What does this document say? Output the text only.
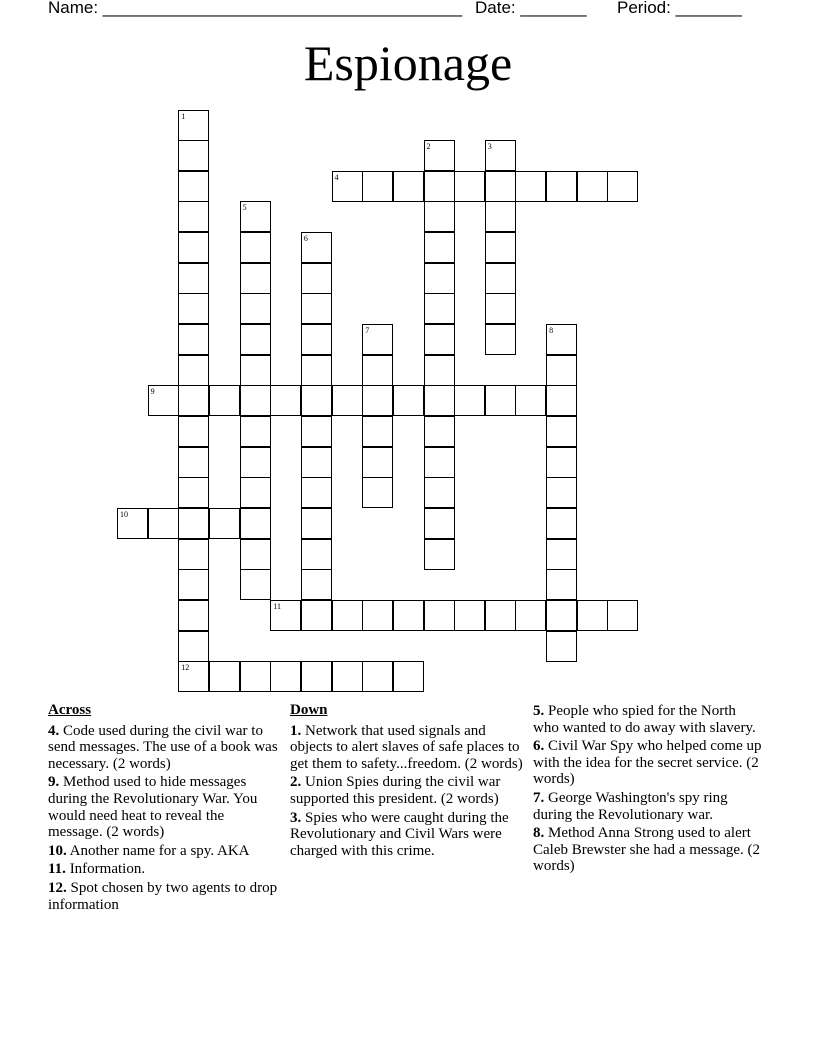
Name: ______________________________________ Date: _______ Period: _______
Espionage
1
2	3
4
5
6
7	8
9
10
11
12
Across
4. Code used during the civil war to send messages. The use of a book was necessary. (2 words)
9. Method used to hide messages during the Revolutionary War. You would need heat to reveal the message. (2 words)
10. Another name for a spy. AKA
11. Information.
12. Spot chosen by two agents to drop information
Down
1. Network that used signals and objects to alert slaves of safe places to get them to safety...freedom. (2 words)
2. Union Spies during the civil war supported this president. (2 words)
3. Spies who were caught during the Revolutionary and Civil Wars were charged with this crime.
5. People who spied for the North who wanted to do away with slavery.
6. Civil War Spy who helped come up with the idea for the secret service. (2 words)
7. George Washington's spy ring during the Revolutionary war.
8. Method Anna Strong used to alert Caleb Brewster she had a message. (2 words)
